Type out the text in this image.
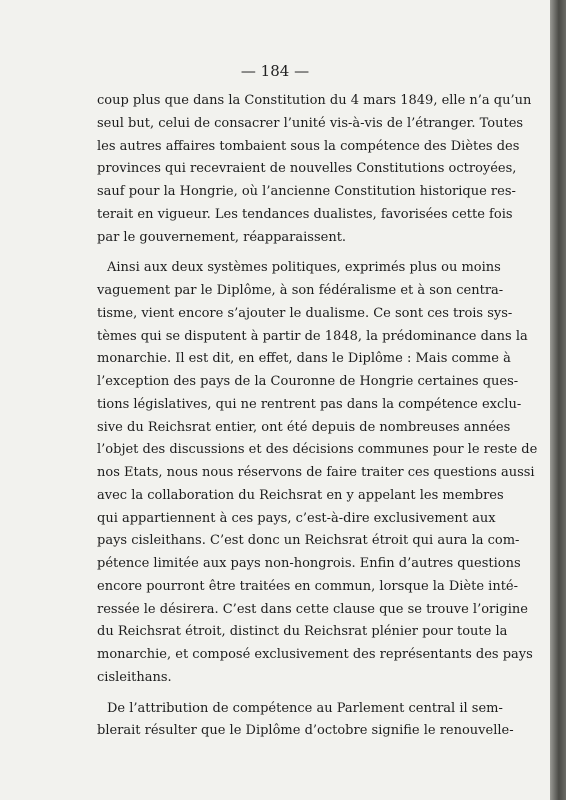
— 184 —

coup plus que dans la Constitution du 4 mars 1849, elle n’a qu’un
seul but, celui de consacrer l’unité vis-à-vis de l’étranger. Toutes
les autres affaires tombaient sous la compétence des Diètes des
provinces qui recevraient de nouvelles Constitutions octroyées,
sauf pour la Hongrie, où l’ancienne Constitution historique res-
terait en vigueur. Les tendances dualistes, favorisées cette fois
par le gouvernement, réapparaissent.

Ainsi aux deux systèmes politiques, exprimés plus ou moins
vaguement par le Diplôme, à son fédéralisme et à son centra-
tisme, vient encore s’ajouter le dualisme. Ce sont ces trois sys-
tèmes qui se disputent à partir de 1848, la prédominance dans la
monarchie. Il est dit, en effet, dans le Diplôme : Mais comme à
l’exception des pays de la Couronne de Hongrie certaines ques-
tions législatives, qui ne rentrent pas dans la compétence exclu-
sive du Reichsrat entier, ont été depuis de nombreuses années
l’objet des discussions et des décisions communes pour le reste de
nos Etats, nous nous réservons de faire traiter ces questions aussi
avec la collaboration du Reichsrat en y appelant les membres
qui appartiennent à ces pays, c’est-à-dire exclusivement aux
pays cisleithans. C’est donc un Reichsrat étroit qui aura la com-
pétence limitée aux pays non-hongrois. Enfin d’autres questions
encore pourront être traitées en commun, lorsque la Diète inté-
ressée le désirera. C’est dans cette clause que se trouve l’origine
du Reichsrat étroit, distinct du Reichsrat plénier pour toute la
monarchie, et composé exclusivement des représentants des pays
cisleithans.

De l’attribution de compétence au Parlement central il sem-
blerait résulter que le Diplôme d’octobre signifie le renouvelle-
